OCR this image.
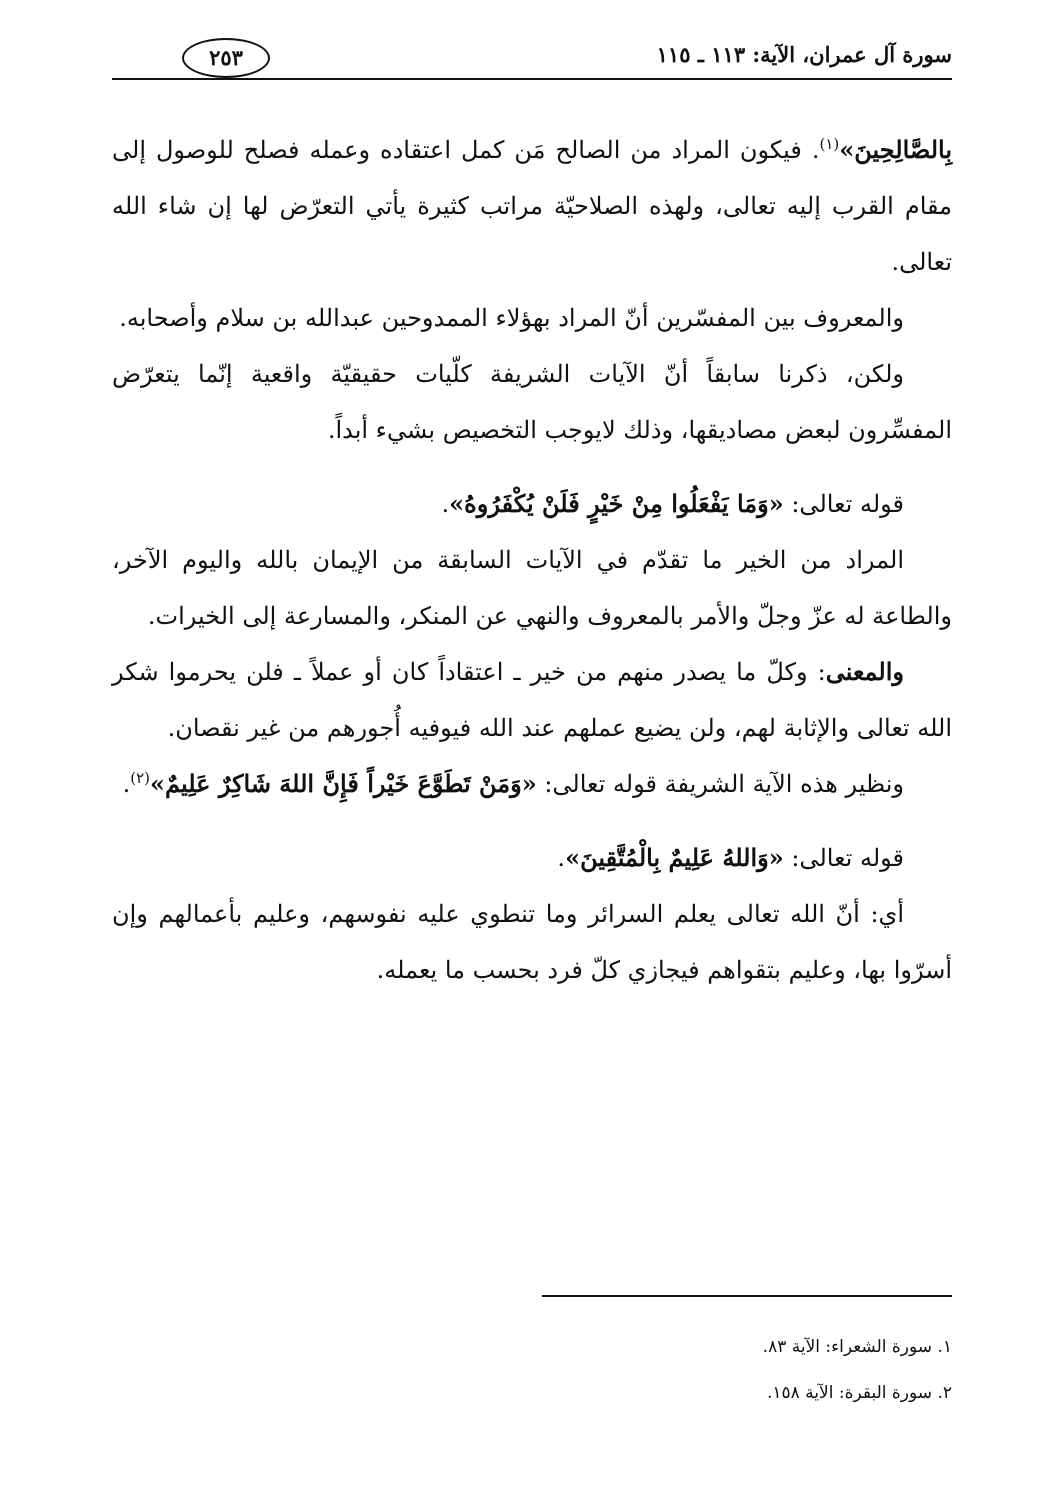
سورة آل عمران، الآية: ١١٣ ـ ١١٥
٢٥٣

بِالصَّالِحِينَ»$^{(١)}$. فيكون المراد من الصالح مَن كمل اعتقاده وعمله فصلح للوصول إلى مقام القرب إليه تعالى، ولهذه الصلاحيّة مراتب كثيرة يأتي التعرّض لها إن شاء الله تعالى.

والمعروف بين المفسّرين أنّ المراد بهؤلاء الممدوحين عبدالله بن سلام وأصحابه.

ولكن، ذكرنا سابقاً أنّ الآيات الشريفة كلّيات حقيقيّة واقعية إنّما يتعرّض المفسِّرون لبعض مصاديقها، وذلك لايوجب التخصيص بشيء أبداً.

قوله تعالى: «وَمَا يَفْعَلُوا مِنْ خَيْرٍ فَلَنْ يُكْفَرُوهُ».

المراد من الخير ما تقدّم في الآيات السابقة من الإيمان بالله واليوم الآخر، والطاعة له عزّ وجلّ والأمر بالمعروف والنهي عن المنكر، والمسارعة إلى الخيرات.

والمعنى: وكلّ ما يصدر منهم من خير ـ اعتقاداً كان أو عملاً ـ فلن يحرموا شكر الله تعالى والإثابة لهم، ولن يضيع عملهم عند الله فيوفيه أُجورهم من غير نقصان.

ونظير هذه الآية الشريفة قوله تعالى: «وَمَنْ تَطَوَّعَ خَيْراً فَإِنَّ اللهَ شَاكِرٌ عَلِيمٌ»$^{(٢)}$.

قوله تعالى: «وَاللهُ عَلِيمٌ بِالْمُتَّقِينَ».

أي: أنّ الله تعالى يعلم السرائر وما تنطوي عليه نفوسهم، وعليم بأعمالهم وإن أسرّوا بها، وعليم بتقواهم فيجازي كلّ فرد بحسب ما يعمله.

١. سورة الشعراء: الآية ٨٣.

٢. سورة البقرة: الآية ١٥٨.
